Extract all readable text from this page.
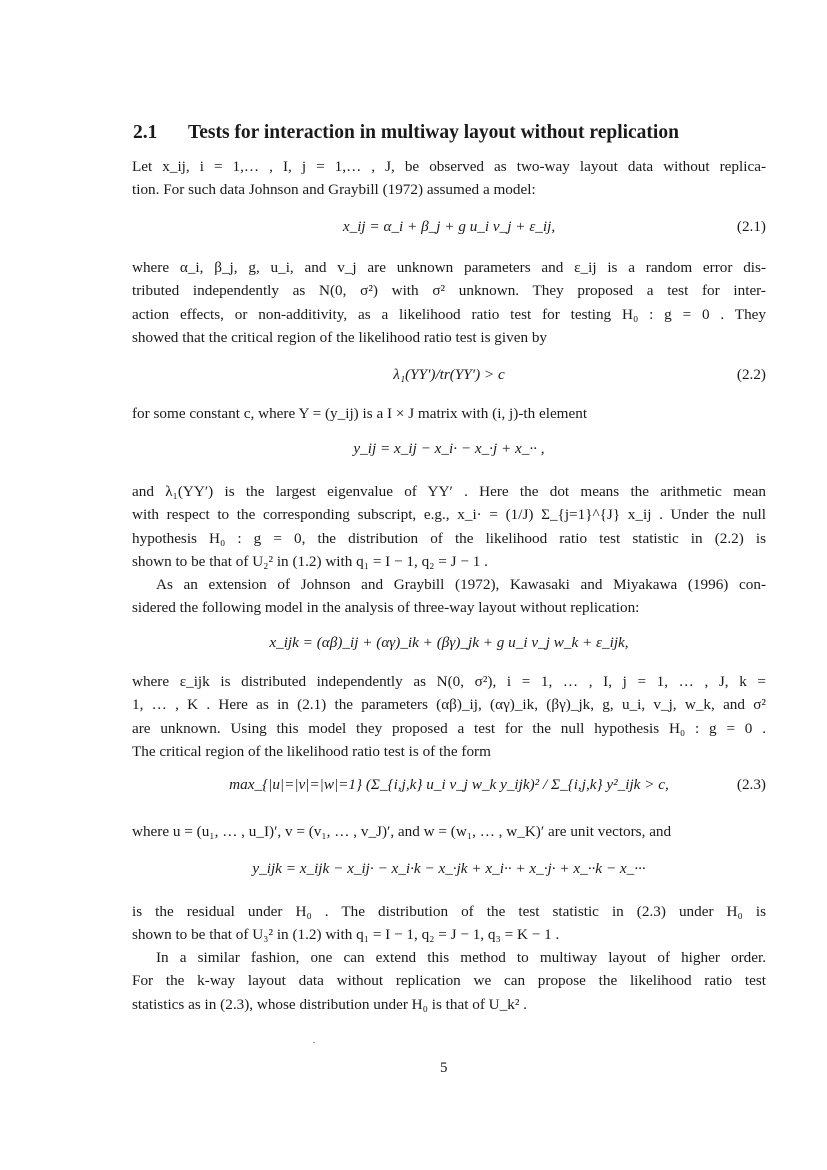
2.1 Tests for interaction in multiway layout without replication
Let x_ij, i = 1,… , I, j = 1,… , J, be observed as two-way layout data without replica-
tion. For such data Johnson and Graybill (1972) assumed a model:
x_ij = α_i + β_j + g u_i v_j + ε_ij,	(2.1)
where α_i, β_j, g, u_i, and v_j are unknown parameters and ε_ij is a random error dis-
tributed independently as N(0, σ²) with σ² unknown. They proposed a test for inter-
action effects, or non-additivity, as a likelihood ratio test for testing H₀ : g = 0 . They
showed that the critical region of the likelihood ratio test is given by
λ₁(YY′)/tr(YY′) > c	(2.2)
for some constant c, where Y = (y_ij) is a I × J matrix with (i, j)-th element
y_ij = x_ij − x_i· − x_·j + x_·· ,
and λ₁(YY′) is the largest eigenvalue of YY′ . Here the dot means the arithmetic mean
with respect to the corresponding subscript, e.g., x_i· = (1/J) Σ_{j=1}^{J} x_ij . Under the null
hypothesis H₀ : g = 0, the distribution of the likelihood ratio test statistic in (2.2) is
shown to be that of U₂² in (1.2) with q₁ = I − 1, q₂ = J − 1 .
As an extension of Johnson and Graybill (1972), Kawasaki and Miyakawa (1996) con-
sidered the following model in the analysis of three-way layout without replication:
x_ijk = (αβ)_ij + (αγ)_ik + (βγ)_jk + g u_i v_j w_k + ε_ijk,
where ε_ijk is distributed independently as N(0, σ²), i = 1, … , I, j = 1, … , J, k =
1, … , K . Here as in (2.1) the parameters (αβ)_ij, (αγ)_ik, (βγ)_jk, g, u_i, v_j, w_k, and σ²
are unknown. Using this model they proposed a test for the null hypothesis H₀ : g = 0 .
The critical region of the likelihood ratio test is of the form
max_{|u|=|v|=|w|=1} (Σ_{i,j,k} u_i v_j w_k y_ijk)² / Σ_{i,j,k} y²_ijk > c,	(2.3)
where u = (u₁, … , u_I)′, v = (v₁, … , v_J)′, and w = (w₁, … , w_K)′ are unit vectors, and
y_ijk = x_ijk − x_ij· − x_i·k − x_·jk + x_i·· + x_·j· + x_··k − x_···
is the residual under H₀ . The distribution of the test statistic in (2.3) under H₀ is
shown to be that of U₃² in (1.2) with q₁ = I − 1, q₂ = J − 1, q₃ = K − 1 .
In a similar fashion, one can extend this method to multiway layout of higher order.
For the k-way layout data without replication we can propose the likelihood ratio test
statistics as in (2.3), whose distribution under H₀ is that of U_k² .
5
